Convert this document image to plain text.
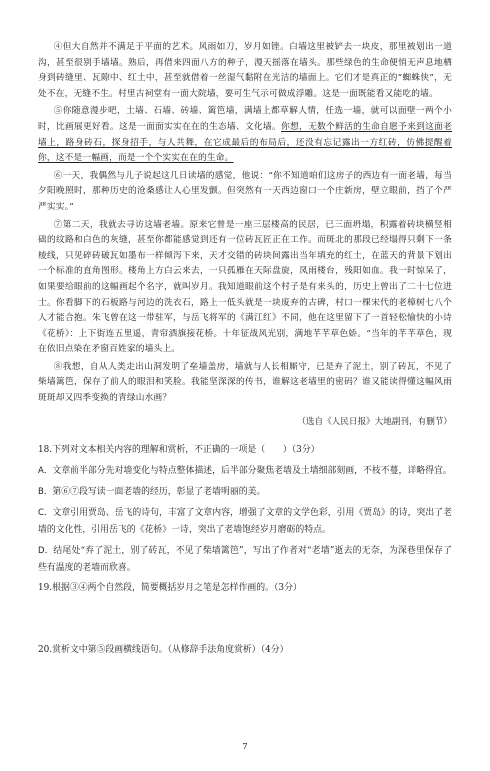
④但大自然并不满足于平面的艺术。风雨如刀，岁月如锉。白墙这里被铲去一块皮，那里被划出一道沟，甚至很别手墙墙。熟后，再借来四面八方的种子，漫天摇落在墙头。那些绿色的生命便悄无声息地栖身到砖缝里、瓦隙中、红土中，甚至就借着一丝湿气黏附在光洁的墙面上。它们才是真正的“蜘蛛侠”，无处不在，无缝不生。村里古祠堂有一面大院墙，要可生气示可做成浮雕。这是一面既能看又能吃的墙。

⑤你随意漫步吧，土墙、石墙、砖墙、篱笆墙，满墙上都草解人情，任选一墙，就可以面壁一两个小时，比画展更好看。这是一面面实实在在的生态墙、文化墙。你想，无数个鲜活的生命自愿予来到这面老墙上，路身砖石，探身招手，与人共舞，在它成最后的布局后，还没有忘记露出一方红砖，仿佛提醒着你，这不是一幅画，而是一个个实实在在的生命。

⑥一天，我偶然与儿子说起这几日读墙的感觉，他说：“你不知道咱们这房子的西边有一面老墙，每当夕阳晚照时，那种历史的沧桑感让人心里发颤。但突然有一天西边窗口一个庄新房，壁立眼前，挡了个严严实实。”

⑦第二天，我就去寻访这墙老墙。原来它曾是一座三层楼高的民居，已三面坍塌，积露着砖块横竖相础的纹路和白色的灰缝，甚至你都能感觉到还有一位砖瓦匠正在工作。而斑北的那段已经塌得只剩下一条棱线，只见碎砖破瓦如墨布一样倾泻下来，天才交错的砖块间露出当年填充的红土，在蓝天的背景下划出一个标准的直角图形。楼角上方白云来去，一只孤雁在天际盘旋，凤雨楼台，残阳如血。我一时惊呆了，如果要给眼前的这幅画起个名字，就叫岁月。我知道眼前这个村子是有来头的，历史上曾出了二十七位进士。你看脚下的石板路与河边的洗衣石，路上一低头就是一块废弃的古碑，村口一棵宋代的老樟树七八个人才能合抱。朱飞曾在这一带驻军，与岳飞将军的《满江红》不同，他在这里留下了一首轻松愉快的小诗《花桥》：上下街连五里遥，青帘酒旗接花桥。十年征战风光别，满地芊芊草色娇。“当年的芊芊草色，现在依旧点染在矛窗百姓家的墙头上。

⑧我想，自从人类走出山洞发明了垒墙盖房，墙就与人长相厮守，已是弃了泥土，别了砖瓦，不见了柴墙篱笆，保存了前人的眼泪和笑脸。我能坚深深的传书，谁解这老墙里的密码？谁又能读得懂这幅风雨斑斑却又四季变换的青绿山水画？

（选自《人民日报》大地副刊，有删节）
18.下列对文本相关内容的理解和赏析，不正确的一项是（　　）（3分）
A．文章前半部分先对墙变化与特点整体描述，后半部分聚焦老墙及土墙细部刻画，不枝不蔓，详略得宜。
B．第⑥⑦段写读一面老墙的经历，彰显了老墙明丽的美。
C．文章引用贾岛、岳飞的诗句，丰富了文章内容，增强了文章的文学色彩，引用《贾岛》的诗，突出了老墙的文化性，引用岳飞的《花桥》一诗，突出了老墙饱经岁月磨砺的特点。
D．结尾处“弃了泥土，别了砖瓦，不见了柴墙篱笆”，写出了作者对“老墙”逝去的无奈，为深巷里保存了些有温度的老墙而欣喜。
19.根据③④两个自然段，简要概括岁月之笔是怎样作画的。（3分）
20.赏析文中第⑤段画横线语句。（从修辞手法角度赏析）（4分）
7
